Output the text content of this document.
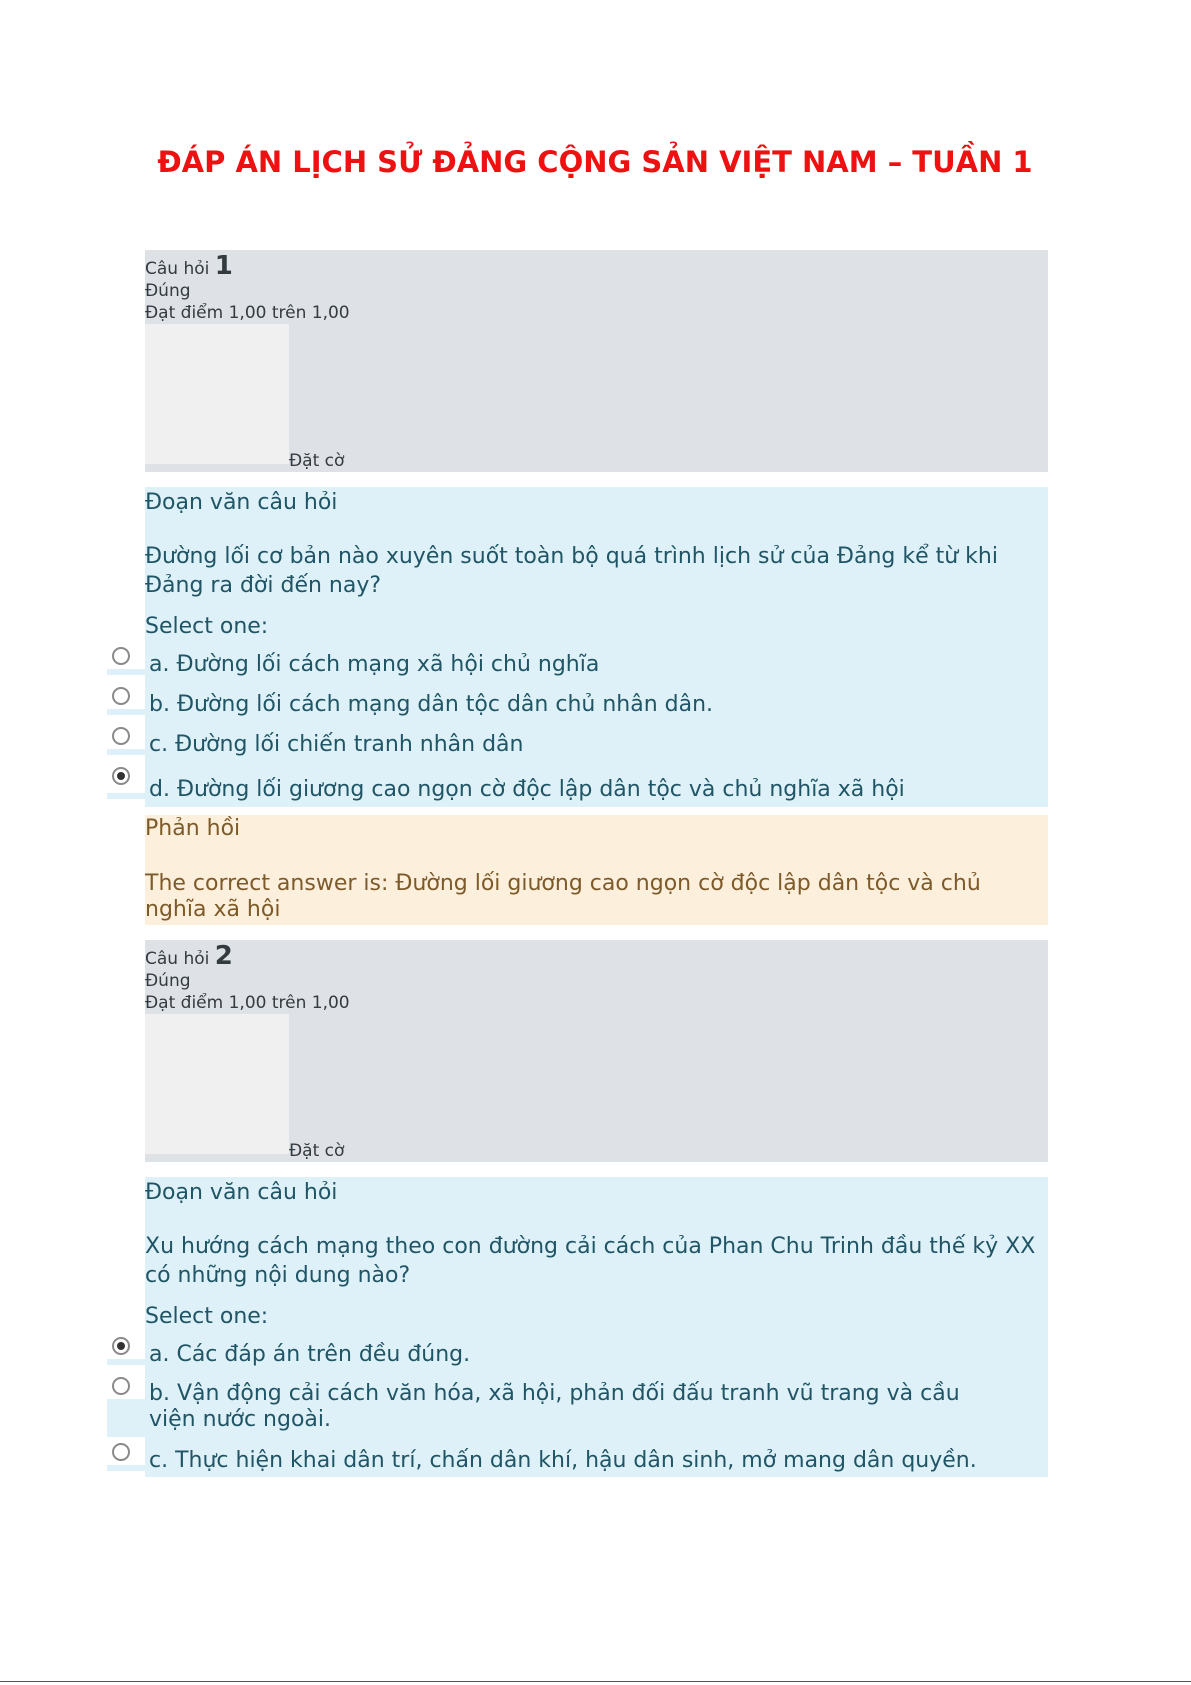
ĐÁP ÁN LỊCH SỬ ĐẢNG CỘNG SẢN VIỆT NAM – TUẦN 1
Câu hỏi 1
Đúng
Đạt điểm 1,00 trên 1,00
Đặt cờ
Đoạn văn câu hỏi
Đường lối cơ bản nào xuyên suốt toàn bộ quá trình lịch sử của Đảng kể từ khi Đảng ra đời đến nay?
Select one:
a. Đường lối cách mạng xã hội chủ nghĩa
b. Đường lối cách mạng dân tộc dân chủ nhân dân.
c. Đường lối chiến tranh nhân dân
d. Đường lối giương cao ngọn cờ độc lập dân tộc và chủ nghĩa xã hội
Phản hồi
The correct answer is: Đường lối giương cao ngọn cờ độc lập dân tộc và chủ nghĩa xã hội
Câu hỏi 2
Đúng
Đạt điểm 1,00 trên 1,00
Đặt cờ
Đoạn văn câu hỏi
Xu hướng cách mạng theo con đường cải cách của Phan Chu Trinh đầu thế kỷ XX có những nội dung nào?
Select one:
a. Các đáp án trên đều đúng.
b. Vận động cải cách văn hóa, xã hội, phản đối đấu tranh vũ trang và cầu viện nước ngoài.
c. Thực hiện khai dân trí, chấn dân khí, hậu dân sinh, mở mang dân quyền.
